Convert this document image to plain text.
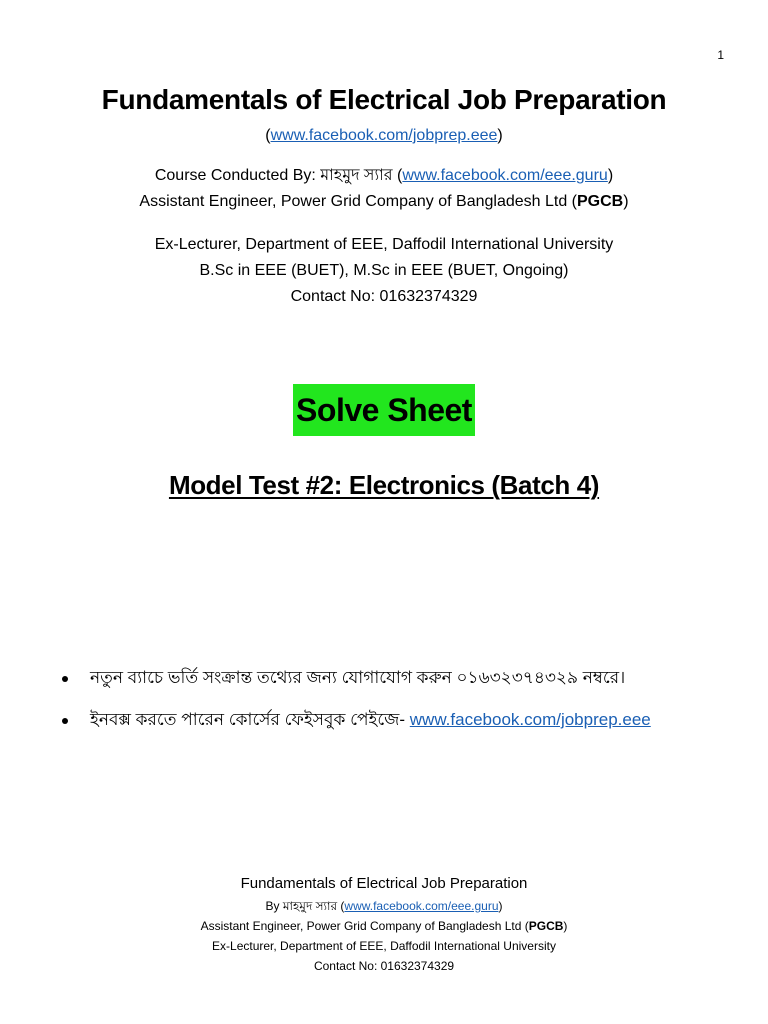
1
Fundamentals of Electrical Job Preparation
(www.facebook.com/jobprep.eee)
Course Conducted By: মাহমুদ স্যার (www.facebook.com/eee.guru)
Assistant Engineer, Power Grid Company of Bangladesh Ltd (PGCB)
Ex-Lecturer, Department of EEE, Daffodil International University
B.Sc in EEE (BUET), M.Sc in EEE (BUET, Ongoing)
Contact No: 01632374329
Solve Sheet
Model Test #2: Electronics (Batch 4)
নতুন ব্যাচে ভর্তি সংক্রান্ত তথ্যের জন্য যোগাযোগ করুন ০১৬৩২৩৭৪৩২৯ নম্বরে।
ইনবক্স করতে পারেন কোর্সের ফেইসবুক পেইজে- www.facebook.com/jobprep.eee
Fundamentals of Electrical Job Preparation
By মাহমুদ স্যার (www.facebook.com/eee.guru)
Assistant Engineer, Power Grid Company of Bangladesh Ltd (PGCB)
Ex-Lecturer, Department of EEE, Daffodil International University
Contact No: 01632374329
